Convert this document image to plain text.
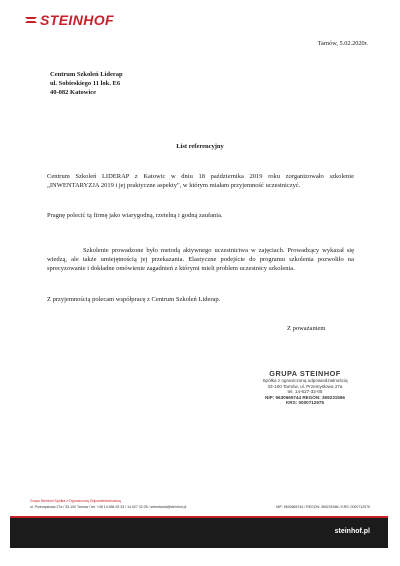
STEINHOF
Tarnów, 5.02.2020r.
Centrum Szkoleń Liderap
ul. Sobieskiego 11 lok. E6
40-082 Katowice
List referencyjny
Centrum Szkoleń LIDERAP z Katowic w dniu 18 października 2019 roku zorganizowało szkolenie „INWENTARYZJA 2019 i jej praktyczne aspekty", w którym miałam przyjemność uczestniczyć.
Pragnę polecić tą firmę jako wiarygodną, rzetelną i godną zaufania.
Szkolenie prowadzone było metodą aktywnego uczestnictwa w zajęciach. Prowadzący wykazał się wiedzą, ale także umiejętnością jej przekazania. Elastyczne podejście do programu szkolenia pozwoliło na sprecyzowanie i dokładne omówienie zagadnień z którymi mieli problem uczestnicy szkolenia.
Z przyjemnością polecam współpracę z Centrum Szkoleń Liderap.
Z poważaniem
GRUPA STEINHOF
Spółka z ograniczoną odpowiedzialnością
33-100 Tarnów, ul. Przemysłowa 27a
tel. 14-627-32-05
NIP: 5630665744 REGON: 369231566
KRS: 0000712975
Grupa Steinhof Spółka z Ograniczoną Odpowiedzialnością
ul. Przemysłowa 27a / 33-100 Tarnów / tel. +48 14 666 53 33 / 14 627 32 05 / sekretariat@steinhof.pl	NIP: 5630665744 / REGON: 369231566 / KRS: 0000712975
steinhof.pl
